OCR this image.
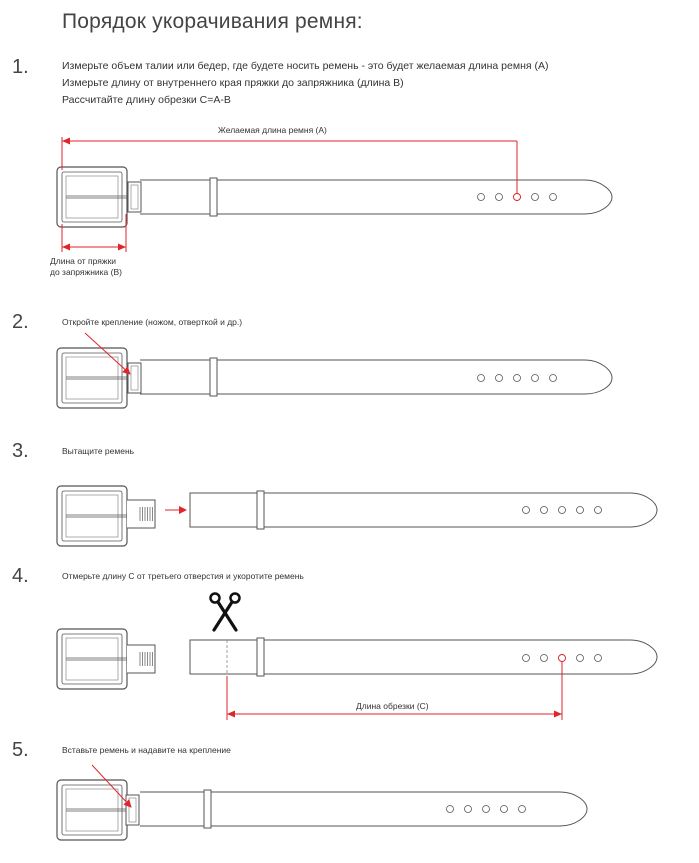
Порядок укорачивания ремня:
1.	Измерьте объем талии или бедер, где будете носить ремень - это будет желаемая длина ремня (А)
Измерьте длину от внутреннего края пряжки до запряжника (длина В)
Рассчитайте длину обрезки С=А-В
Желаемая длина ремня (А)
Длина от пряжки
до запряжника (В)
2.	Откройте крепление (ножом, отверткой и др.)
3.	Вытащите ремень
4.	Отмерьте длину С от третьего отверстия и укоротите ремень
Длина обрезки (С)
5.	Вставьте ремень и надавите на крепление
